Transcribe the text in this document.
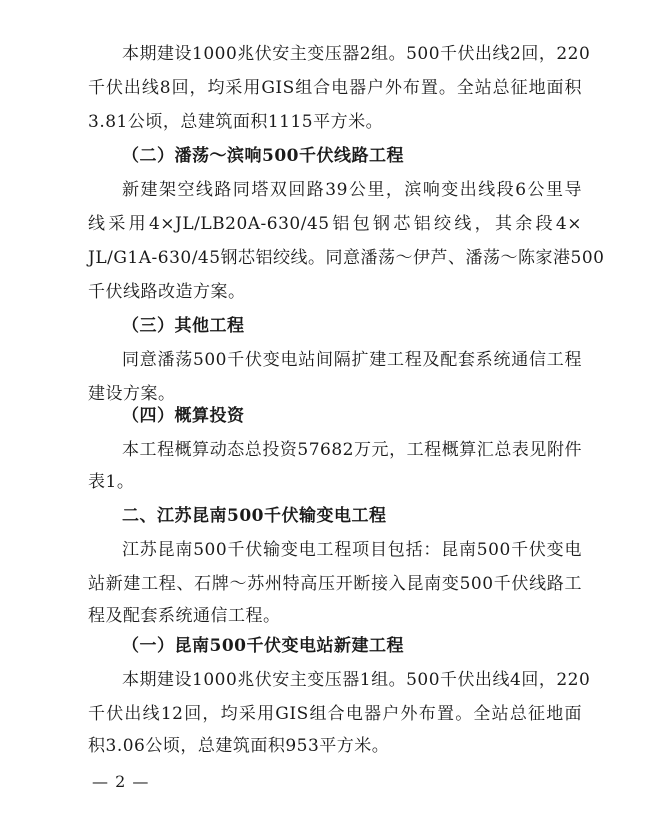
本期建设1000兆伏安主变压器2组。500千伏出线2回，220
千伏出线8回，均采用GIS组合电器户外布置。全站总征地面积
3.81公顷，总建筑面积1115平方米。
（二）潘荡～滨响500千伏线路工程
新建架空线路同塔双回路39公里，滨响变出线段6公里导
线采用4×JL/LB20A-630/45铝包钢芯铝绞线，其余段4×
JL/G1A-630/45钢芯铝绞线。同意潘荡～伊芦、潘荡～陈家港500
千伏线路改造方案。
（三）其他工程
同意潘荡500千伏变电站间隔扩建工程及配套系统通信工程
建设方案。
（四）概算投资
本工程概算动态总投资57682万元，工程概算汇总表见附件
表1。
二、江苏昆南500千伏输变电工程
江苏昆南500千伏输变电工程项目包括：昆南500千伏变电
站新建工程、石牌～苏州特高压开断接入昆南变500千伏线路工
程及配套系统通信工程。
（一）昆南500千伏变电站新建工程
本期建设1000兆伏安主变压器1组。500千伏出线4回，220
千伏出线12回，均采用GIS组合电器户外布置。全站总征地面
积3.06公顷，总建筑面积953平方米。
— 2 —
